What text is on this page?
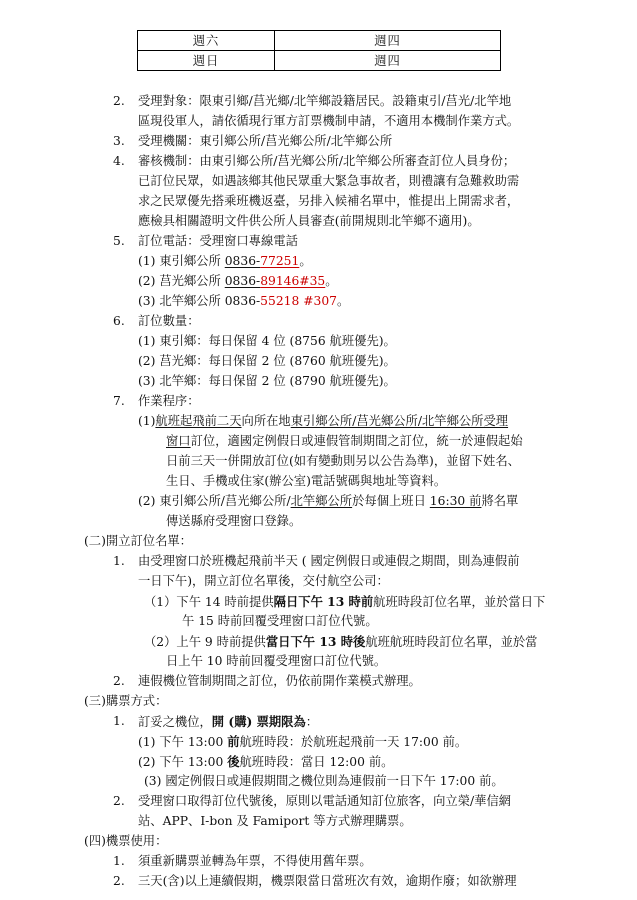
週六	週四
週日	週四
2. 受理對象：限東引鄉/莒光鄉/北竿鄉設籍居民。設籍東引/莒光/北竿地
區現役軍人，請依循現行軍方訂票機制申請，不適用本機制作業方式。
3. 受理機關：東引鄉公所/莒光鄉公所/北竿鄉公所
4. 審核機制：由東引鄉公所/莒光鄉公所/北竿鄉公所審查訂位人員身份；
已訂位民眾，如遇該鄉其他民眾重大緊急事故者，則禮讓有急難救助需
求之民眾優先搭乘班機返臺，另排入候補名單中，惟提出上開需求者，
應檢具相關證明文件供公所人員審查(前開規則北竿鄉不適用)。
5. 訂位電話：受理窗口專線電話
(1) 東引鄉公所 0836-77251。
(2) 莒光鄉公所 0836-89146#35。
(3) 北竿鄉公所 0836-55218 #307。
6. 訂位數量：
(1) 東引鄉：每日保留 4 位 (8756 航班優先)。
(2) 莒光鄉：每日保留 2 位 (8760 航班優先)。
(3) 北竿鄉：每日保留 2 位 (8790 航班優先)。
7. 作業程序：
(1)航班起飛前二天向所在地東引鄉公所/莒光鄉公所/北竿鄉公所受理
窗口訂位，適國定例假日或連假管制期間之訂位，統一於連假起始
日前三天一併開放訂位(如有變動則另以公告為準)，並留下姓名、
生日、手機或住家(辦公室)電話號碼與地址等資料。
(2) 東引鄉公所/莒光鄉公所/北竿鄉公所於每個上班日 16:30 前將名單
傳送縣府受理窗口登錄。
(二)開立訂位名單：
1. 由受理窗口於班機起飛前半天 ( 國定例假日或連假之期間，則為連假前
一日下午)，開立訂位名單後，交付航空公司：
（1）下午 14 時前提供隔日下午 13 時前航班時段訂位名單，並於當日下
午 15 時前回覆受理窗口訂位代號。
（2）上午 9 時前提供當日下午 13 時後航班航班時段訂位名單，並於當
日上午 10 時前回覆受理窗口訂位代號。
2. 連假機位管制期間之訂位，仍依前開作業模式辦理。
(三)購票方式：
1. 訂妥之機位，開 (購) 票期限為：
(1) 下午 13:00 前航班時段：於航班起飛前一天 17:00 前。
(2) 下午 13:00 後航班時段：當日 12:00 前。
(3) 國定例假日或連假期間之機位則為連假前一日下午 17:00 前。
2. 受理窗口取得訂位代號後，原則以電話通知訂位旅客，向立榮/華信網
站、APP、I-bon 及 Famiport 等方式辦理購票。
(四)機票使用：
1. 須重新購票並轉為年票，不得使用舊年票。
2. 三天(含)以上連續假期，機票限當日當班次有效，逾期作廢；如欲辦理
